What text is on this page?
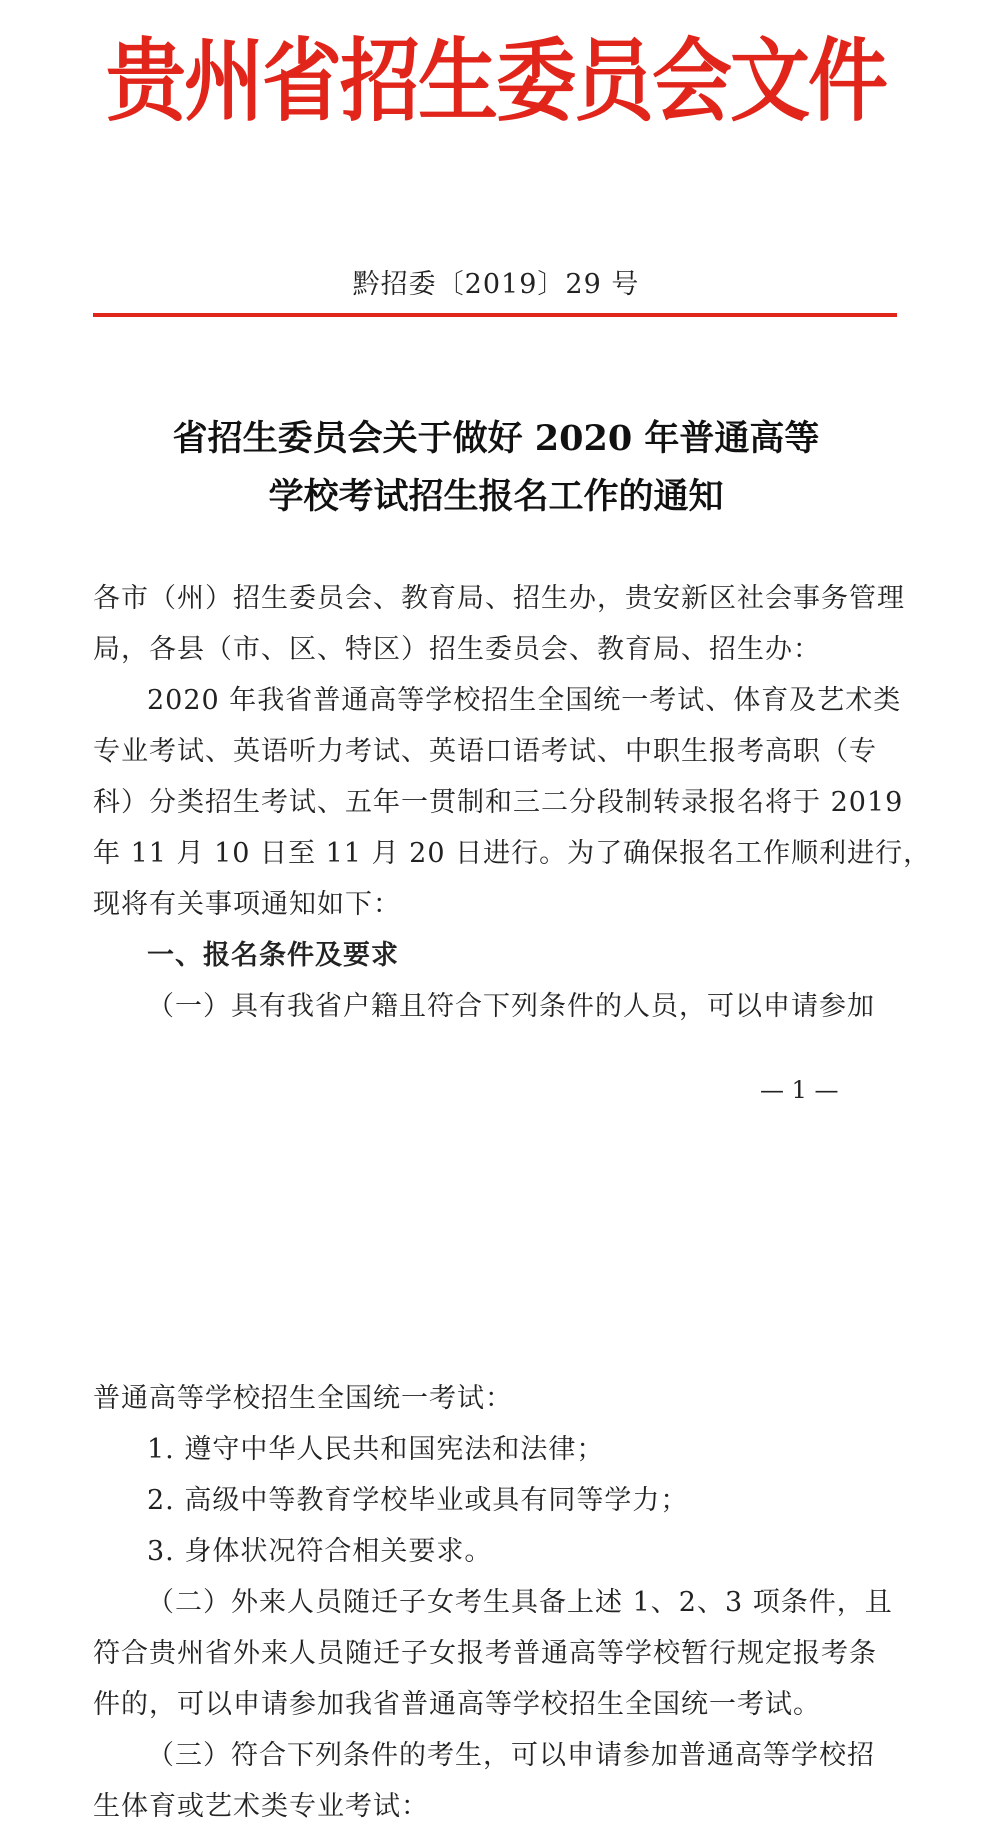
贵州省招生委员会文件
黔招委〔2019〕29 号
省招生委员会关于做好 2020 年普通高等
学校考试招生报名工作的通知
各市（州）招生委员会、教育局、招生办，贵安新区社会事务管理
局，各县（市、区、特区）招生委员会、教育局、招生办：
2020 年我省普通高等学校招生全国统一考试、体育及艺术类
专业考试、英语听力考试、英语口语考试、中职生报考高职（专
科）分类招生考试、五年一贯制和三二分段制转录报名将于 2019
年 11 月 10 日至 11 月 20 日进行。为了确保报名工作顺利进行，
现将有关事项通知如下：
一、报名条件及要求
（一）具有我省户籍且符合下列条件的人员，可以申请参加
— 1 —
普通高等学校招生全国统一考试：
1. 遵守中华人民共和国宪法和法律；
2. 高级中等教育学校毕业或具有同等学力；
3. 身体状况符合相关要求。
（二）外来人员随迁子女考生具备上述 1、2、3 项条件，且
符合贵州省外来人员随迁子女报考普通高等学校暂行规定报考条
件的，可以申请参加我省普通高等学校招生全国统一考试。
（三）符合下列条件的考生，可以申请参加普通高等学校招
生体育或艺术类专业考试：
